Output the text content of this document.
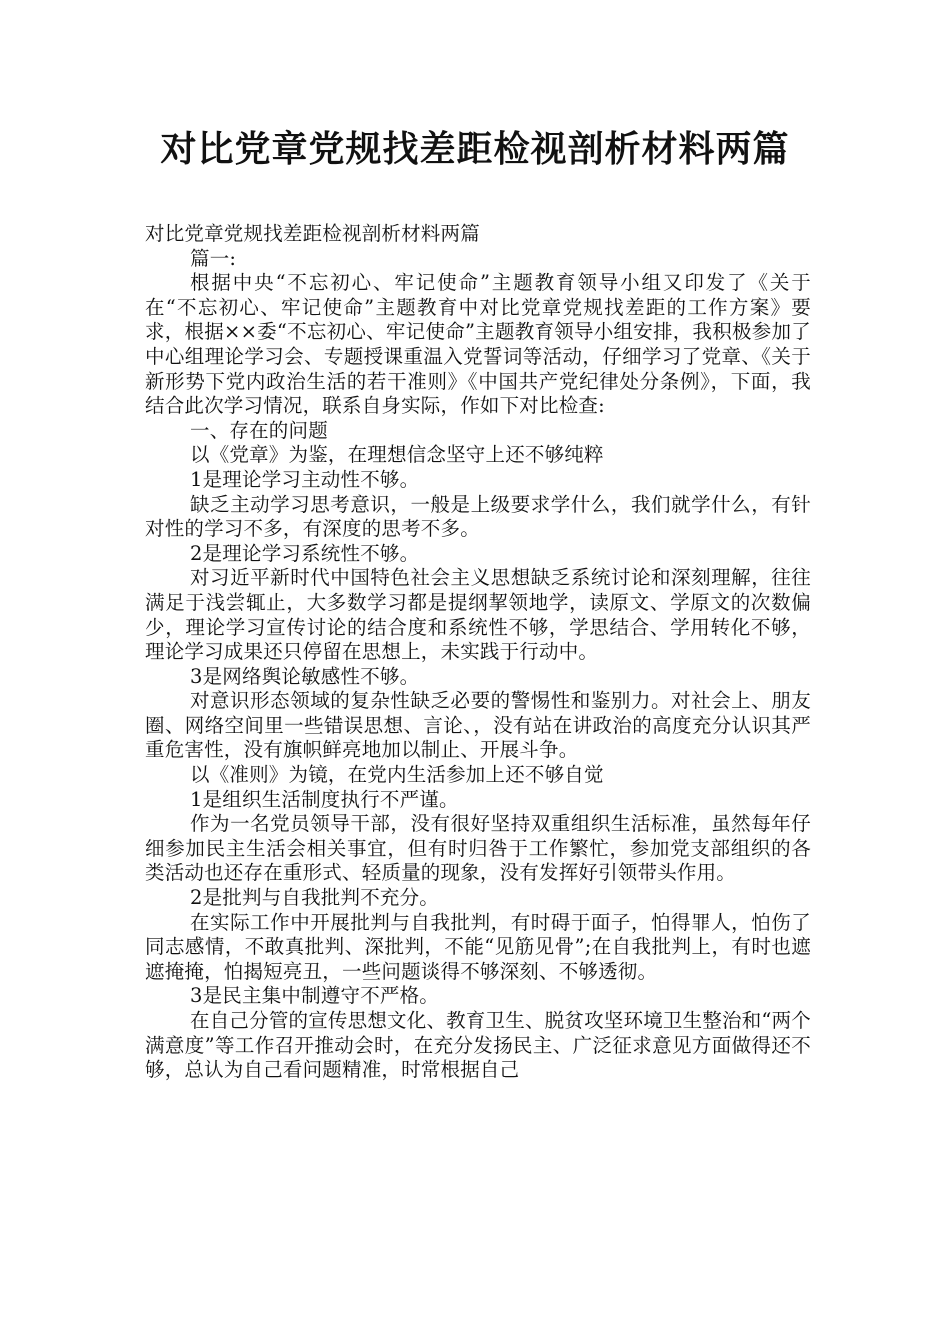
对比党章党规找差距检视剖析材料两篇

对比党章党规找差距检视剖析材料两篇

篇一:

根据中央“不忘初心、牢记使命”主题教育领导小组又印发了《关于在“不忘初心、牢记使命”主题教育中对比党章党规找差距的工作方案》要求，根据××委“不忘初心、牢记使命”主题教育领导小组安排，我积极参加了中心组理论学习会、专题授课重温入党誓词等活动，仔细学习了党章、《关于新形势下党内政治生活的若干准则》《中国共产党纪律处分条例》，下面，我结合此次学习情况，联系自身实际，作如下对比检查:

一、存在的问题

以《党章》为鉴，在理想信念坚守上还不够纯粹

1是理论学习主动性不够。

缺乏主动学习思考意识，一般是上级要求学什么，我们就学什么，有针对性的学习不多，有深度的思考不多。

2是理论学习系统性不够。

对习近平新时代中国特色社会主义思想缺乏系统讨论和深刻理解，往往满足于浅尝辄止，大多数学习都是提纲挈领地学，读原文、学原文的次数偏少，理论学习宣传讨论的结合度和系统性不够，学思结合、学用转化不够，理论学习成果还只停留在思想上，未实践于行动中。

3是网络舆论敏感性不够。

对意识形态领域的复杂性缺乏必要的警惕性和鉴别力。对社会上、朋友圈、网络空间里一些错误思想、言论、，没有站在讲政治的高度充分认识其严重危害性，没有旗帜鲜亮地加以制止、开展斗争。

以《准则》为镜，在党内生活参加上还不够自觉

1是组织生活制度执行不严谨。

作为一名党员领导干部，没有很好坚持双重组织生活标准，虽然每年仔细参加民主生活会相关事宜，但有时归咎于工作繁忙，参加党支部组织的各类活动也还存在重形式、轻质量的现象，没有发挥好引领带头作用。

2是批判与自我批判不充分。

在实际工作中开展批判与自我批判，有时碍于面子，怕得罪人，怕伤了同志感情，不敢真批判、深批判，不能“见筋见骨”;在自我批判上，有时也遮遮掩掩，怕揭短亮丑，一些问题谈得不够深刻、不够透彻。

3是民主集中制遵守不严格。

在自己分管的宣传思想文化、教育卫生、脱贫攻坚环境卫生整治和“两个满意度”等工作召开推动会时，在充分发扬民主、广泛征求意见方面做得还不够，总认为自己看问题精准，时常根据自己
